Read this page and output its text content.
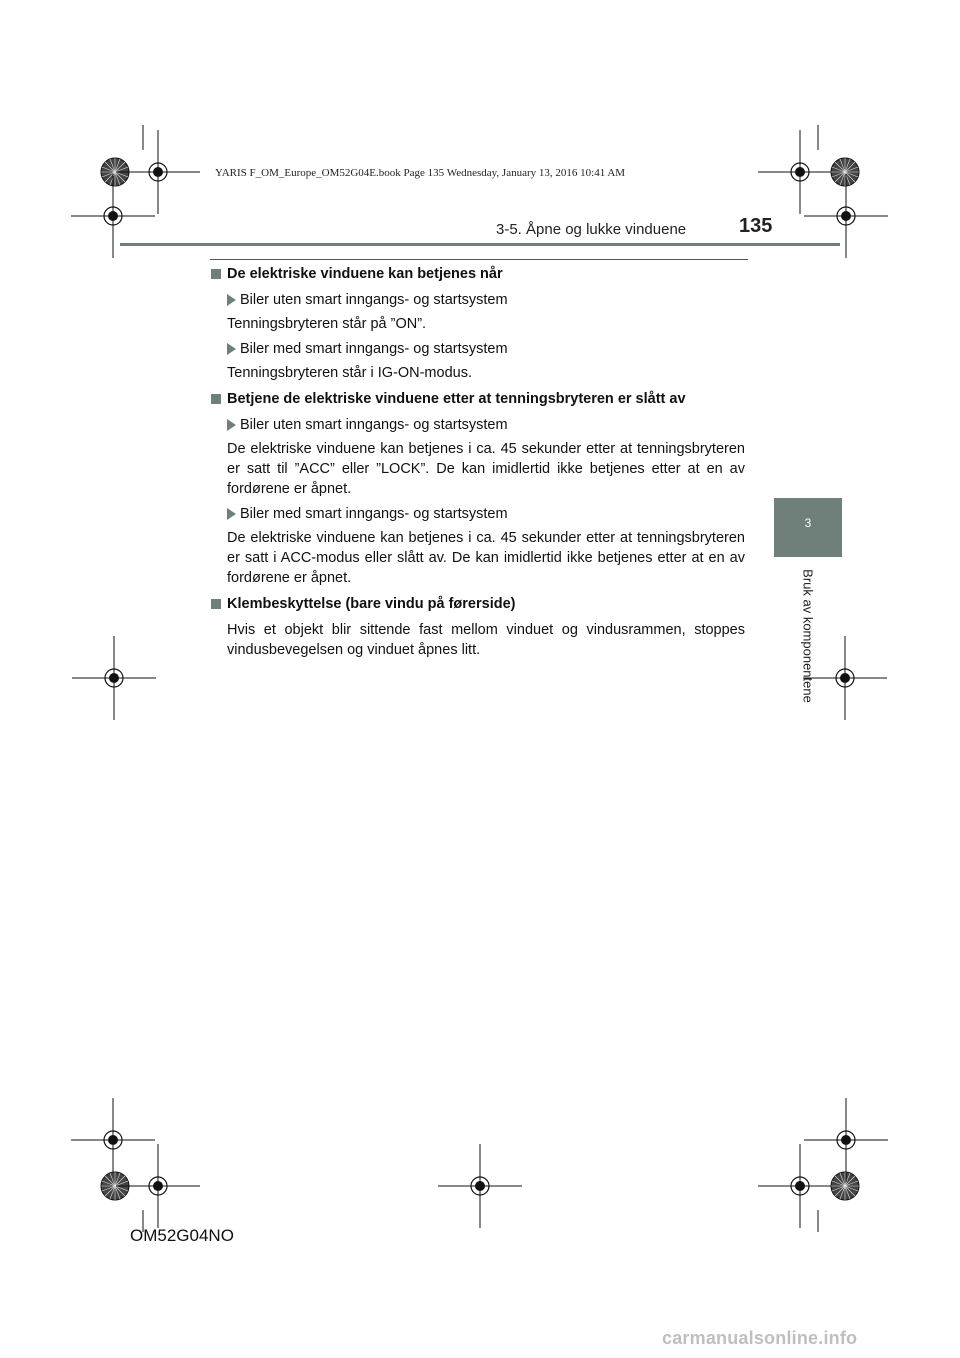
YARIS F_OM_Europe_OM52G04E.book Page 135 Wednesday, January 13, 2016 10:41 AM
3-5. Åpne og lukke vinduene	135
3
Bruk av komponentene
De elektriske vinduene kan betjenes når
Biler uten smart inngangs- og startsystem

Tenningsbryteren står på ”ON”.

Biler med smart inngangs- og startsystem

Tenningsbryteren står i IG-ON-modus.

Betjene de elektriske vinduene etter at tenningsbryteren er slått av
Biler uten smart inngangs- og startsystem

De elektriske vinduene kan betjenes i ca. 45 sekunder etter at tenningsbryteren er satt til ”ACC” eller ”LOCK”. De kan imidlertid ikke betjenes etter at en av fordørene er åpnet.

Biler med smart inngangs- og startsystem

De elektriske vinduene kan betjenes i ca. 45 sekunder etter at tenningsbryteren er satt i ACC-modus eller slått av. De kan imidlertid ikke betjenes etter at en av fordørene er åpnet.

Klembeskyttelse (bare vindu på førerside)

Hvis et objekt blir sittende fast mellom vinduet og vindusrammen, stoppes vindusbevegelsen og vinduet åpnes litt.

OM52G04NO
carmanualsonline.info
